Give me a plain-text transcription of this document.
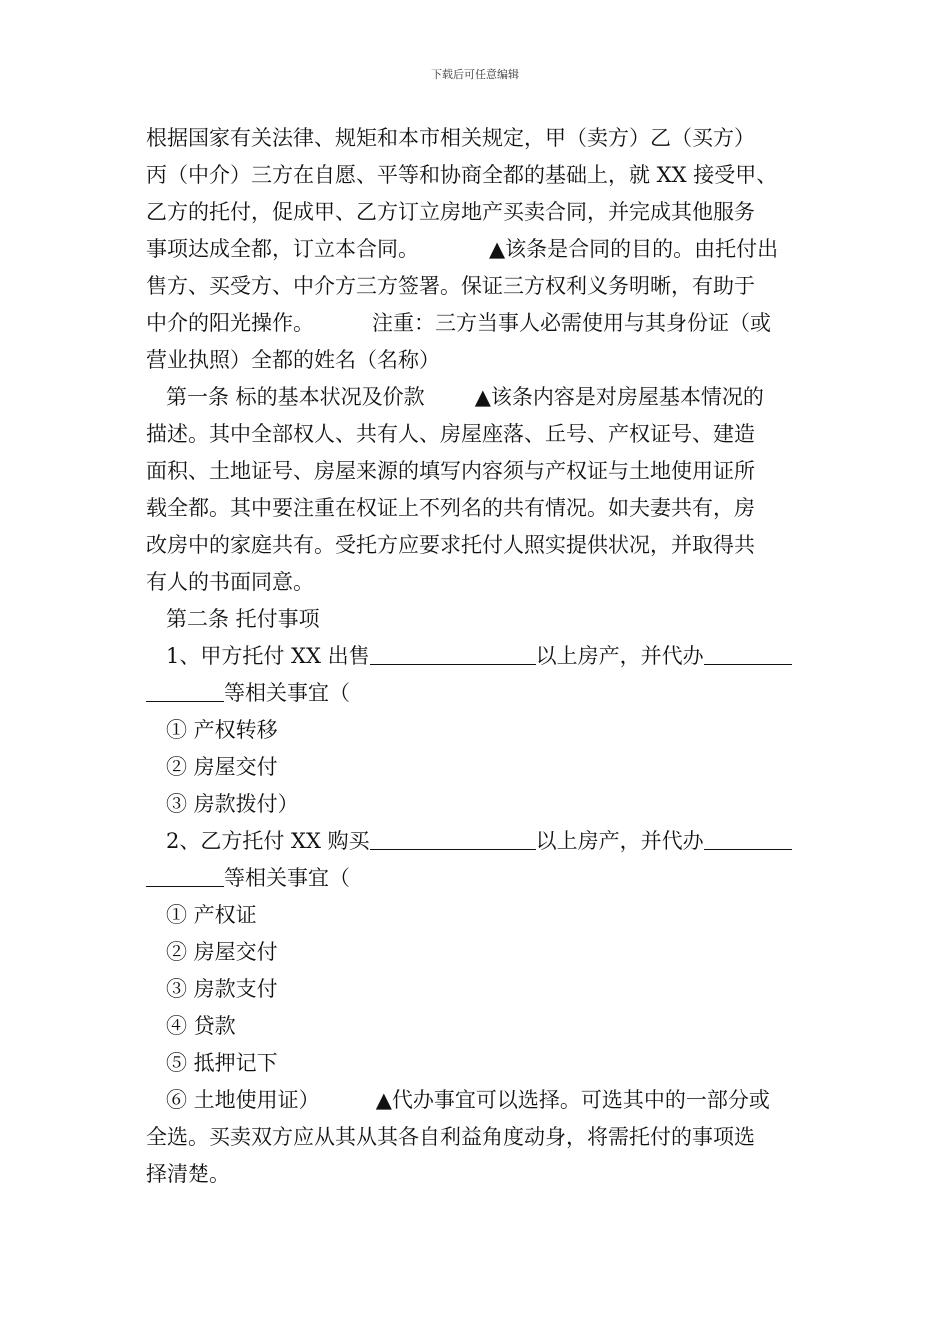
下载后可任意编辑

根据国家有关法律、规矩和本市相关规定，甲（卖方）乙（买方）
丙（中介）三方在自愿、平等和协商全都的基础上，就 XX 接受甲、
乙方的托付，促成甲、乙方订立房地产买卖合同，并完成其他服务
事项达成全都，订立本合同。	▲该条是合同的目的。由托付出
售方、买受方、中介方三方签署。保证三方权利义务明晰，有助于
中介的阳光操作。	注重：三方当事人必需使用与其身份证（或
营业执照）全都的姓名（名称）

第一条 标的基本状况及价款 ▲该条内容是对房屋基本情况的
描述。其中全部权人、共有人、房屋座落、丘号、产权证号、建造
面积、土地证号、房屋来源的填写内容须与产权证与土地使用证所
载全都。其中要注重在权证上不列名的共有情况。如夫妻共有，房
改房中的家庭共有。受托方应要求托付人照实提供状况，并取得共
有人的书面同意。

第二条 托付事项
1、甲方托付 XX 出售	以上房产，并代办
等相关事宜（
① 产权转移
② 房屋交付
③ 房款拨付）
2、乙方托付 XX 购买	以上房产，并代办
等相关事宜（
① 产权证
② 房屋交付
③ 房款支付
④ 贷款
⑤ 抵押记下
⑥ 土地使用证）	▲代办事宜可以选择。可选其中的一部分或
全选。买卖双方应从其从其各自利益角度动身，将需托付的事项选
择清楚。
